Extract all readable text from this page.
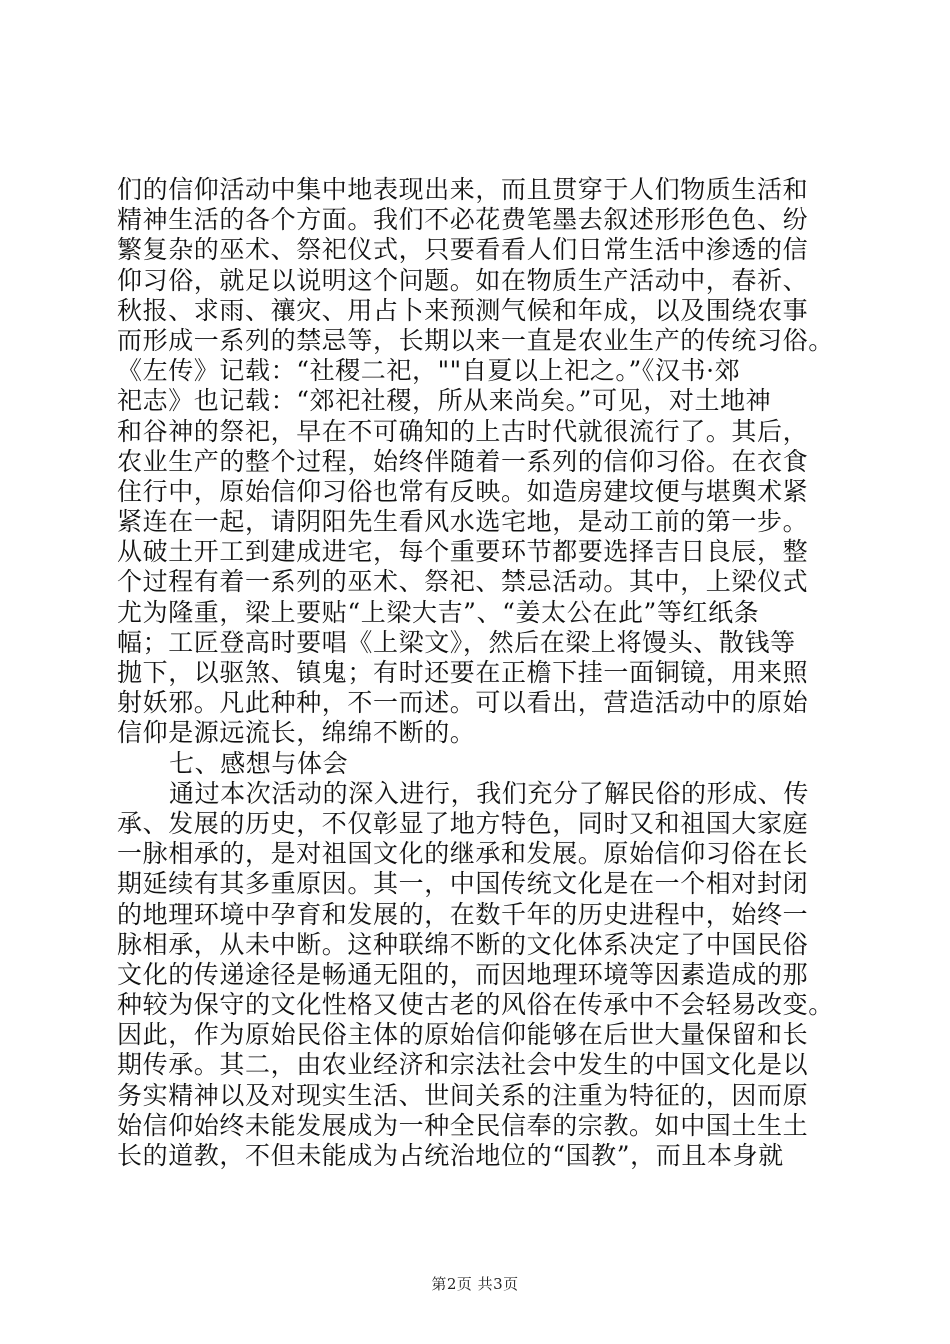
们的信仰活动中集中地表现出来，而且贯穿于人们物质生活和
精神生活的各个方面。我们不必花费笔墨去叙述形形色色、纷
繁复杂的巫术、祭祀仪式，只要看看人们日常生活中渗透的信
仰习俗，就足以说明这个问题。如在物质生产活动中，春祈、
秋报、求雨、禳灾、用占卜来预测气候和年成，以及围绕农事
而形成一系列的禁忌等，长期以来一直是农业生产的传统习俗。
《左传》记载：“社稷二祀，""自夏以上祀之。”《汉书·郊
祀志》也记载：“郊祀社稷，所从来尚矣。”可见，对土地神
和谷神的祭祀，早在不可确知的上古时代就很流行了。其后，
农业生产的整个过程，始终伴随着一系列的信仰习俗。在衣食
住行中，原始信仰习俗也常有反映。如造房建坟便与堪舆术紧
紧连在一起，请阴阳先生看风水选宅地，是动工前的第一步。
从破土开工到建成进宅，每个重要环节都要选择吉日良辰，整
个过程有着一系列的巫术、祭祀、禁忌活动。其中，上梁仪式
尤为隆重，梁上要贴“上梁大吉”、“姜太公在此”等红纸条
幅；工匠登高时要唱《上梁文》，然后在梁上将馒头、散钱等
抛下，以驱煞、镇鬼；有时还要在正檐下挂一面铜镜，用来照
射妖邪。凡此种种，不一而述。可以看出，营造活动中的原始
信仰是源远流长，绵绵不断的。
七、感想与体会
通过本次活动的深入进行，我们充分了解民俗的形成、传
承、发展的历史，不仅彰显了地方特色，同时又和祖国大家庭
一脉相承的，是对祖国文化的继承和发展。原始信仰习俗在长
期延续有其多重原因。其一，中国传统文化是在一个相对封闭
的地理环境中孕育和发展的，在数千年的历史进程中，始终一
脉相承，从未中断。这种联绵不断的文化体系决定了中国民俗
文化的传递途径是畅通无阻的，而因地理环境等因素造成的那
种较为保守的文化性格又使古老的风俗在传承中不会轻易改变。
因此，作为原始民俗主体的原始信仰能够在后世大量保留和长
期传承。其二，由农业经济和宗法社会中发生的中国文化是以
务实精神以及对现实生活、世间关系的注重为特征的，因而原
始信仰始终未能发展成为一种全民信奉的宗教。如中国土生土
长的道教，不但未能成为占统治地位的“国教”，而且本身就
第2页 共3页
